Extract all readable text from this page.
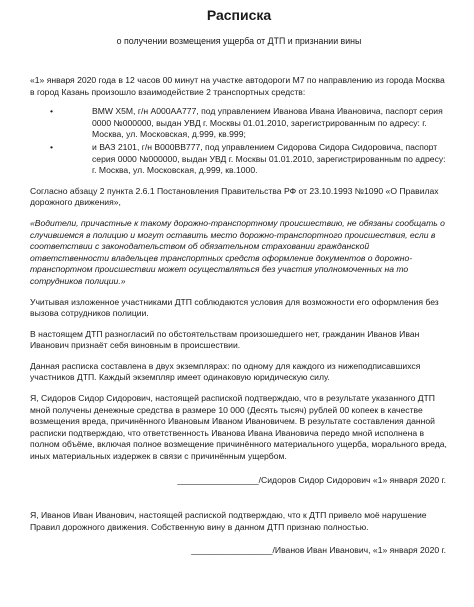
Расписка

о получении возмещения ущерба от ДТП и признании вины

«1» января 2020 года в 12 часов 00 минут на участке автодороги М7 по направлению из города Москва в город Казань произошло взаимодействие 2 транспортных средств:

•	BMW X5M, г/н А000АА777, под управлением Иванова Ивана Ивановича, паспорт серия 0000 №000000, выдан УВД г. Москвы 01.01.2010, зарегистрированным по адресу: г. Москва, ул. Московская, д.999, кв.999;
•	и ВАЗ 2101, г/н В000ВВ777, под управлением Сидорова Сидора Сидоровича, паспорт серия 0000 №000000, выдан УВД г. Москвы 01.01.2010, зарегистрированным по адресу: г. Москва, ул. Московская, д.999, кв.1000.

Согласно абзацу 2 пункта 2.6.1 Постановления Правительства РФ от 23.10.1993 №1090 «О Правилах дорожного движения»,

«Водители, причастные к такому дорожно-транспортному происшествию, не обязаны сообщать о случившемся в полицию и могут оставить место дорожно-транспортного происшествия, если в соответствии с законодательством об обязательном страховании гражданской ответственности владельцев транспортных средств оформление документов о дорожно-транспортном происшествии может осуществляться без участия уполномоченных на то сотрудников полиции.»

Учитывая изложенное участниками ДТП соблюдаются условия для возможности его оформления без вызова сотрудников полиции.

В настоящем ДТП разногласий по обстоятельствам произошедшего нет, гражданин Иванов Иван Иванович признаёт себя виновным в происшествии.

Данная расписка составлена в двух экземплярах: по одному для каждого из нижеподписавшихся участников ДТП. Каждый экземпляр имеет одинаковую юридическую силу.

Я, Сидоров Сидор Сидорович, настоящей распиской подтверждаю, что в результате указанного ДТП мной получены денежные средства в размере 10 000 (Десять тысяч) рублей 00 копеек в качестве возмещения вреда, причинённого Ивановым Иваном Ивановичем. В результате составления данной расписки подтверждаю, что ответственность Иванова Ивана Ивановича передо мной исполнена в полном объёме, включая полное возмещение причинённого материального ущерба, морального вреда, иных материальных издержек в связи с причинённым ущербом.

_________________/Сидоров Сидор Сидорович «1» января 2020 г.

Я, Иванов Иван Иванович, настоящей распиской подтверждаю, что к ДТП привело моё нарушение Правил дорожного движения. Собственную вину в данном ДТП признаю полностью.

_________________/Иванов Иван Иванович, «1» января 2020 г.
